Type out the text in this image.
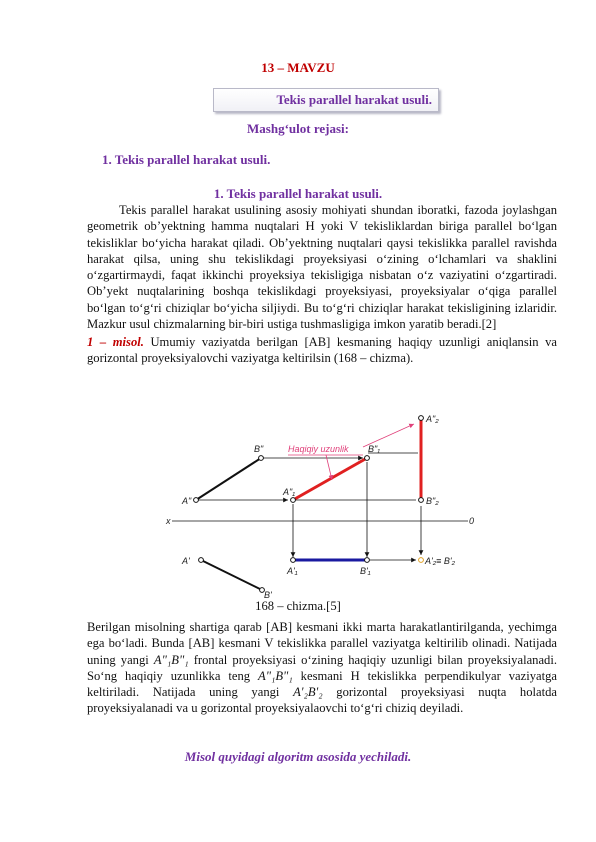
13 – MAVZU
Tekis parallel harakat usuli.
Mashg‘ulot rejasi:
1. Tekis parallel harakat usuli.
1. Tekis parallel harakat usuli.
Tekis parallel harakat usulining asosiy mohiyati shundan iboratki, fazoda joylashgan geometrik ob’yektning hamma nuqtalari H yoki V tekisliklardan biriga parallel bo‘lgan tekisliklar bo‘yicha harakat qiladi. Ob’yektning nuqtalari qaysi tekislikka parallel ravishda harakat qilsa, uning shu tekislikdagi proyeksiyasi o‘zining o‘lchamlari va shaklini o‘zgartirmaydi, faqat ikkinchi proyeksiya tekisligiga nisbatan o‘z vaziyatini o‘zgartiradi. Ob’yekt nuqtalarining boshqa tekislikdagi proyeksiyasi, proyeksiyalar o‘qiga parallel bo‘lgan to‘g‘ri chiziqlar bo‘yicha siljiydi. Bu to‘g‘ri chiziqlar harakat tekisligining izlaridir. Mazkur usul chizmalarning bir-biri ustiga tushmasligiga imkon yaratib beradi.[2]
1 – misol. Umumiy vaziyatda berilgan [AB] kesmaning haqiqy uzunligi aniqlansin va gorizontal proyeksiyalovchi vaziyatga keltirilsin (168 – chizma).
x	0
Haqiqiy uzunlik
B"	B"₁
A"
A"₁
A"₂
B"₂
A'
B'
A'₁	B'₁
A'₂≡ B'₂
168 – chizma.[5]
Berilgan misolning shartiga qarab [AB] kesmani ikki marta harakatlantirilganda, yechimga ega bo‘ladi. Bunda [AB] kesmani V tekislikka parallel vaziyatga keltirilib olinadi. Natijada uning yangi A"₁B"₁ frontal proyeksiyasi o‘zining haqiqiy uzunligi bilan proyeksiyalanadi. So‘ng haqiqiy uzunlikka teng A"₁B"₁ kesmani H tekislikka perpendikulyar vaziyatga keltiriladi. Natijada uning yangi A'₂B'₂ gorizontal proyeksiyasi nuqta holatda proyeksiyalanadi va u gorizontal proyeksiyalaovchi to‘g‘ri chiziq deyiladi.
Misol quyidagi algoritm asosida yechiladi.
